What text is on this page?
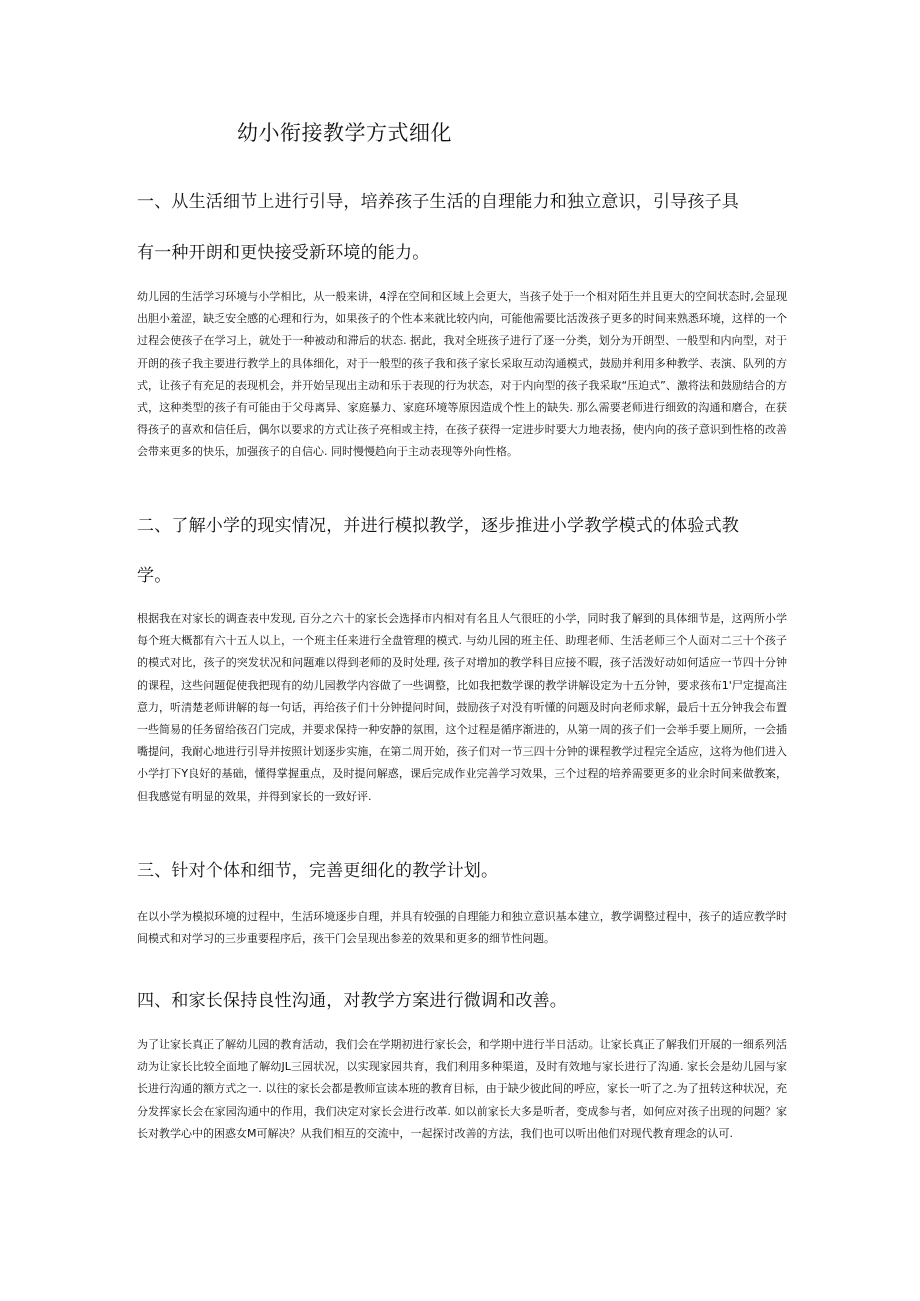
幼小衔接教学方式细化
一、从生活细节上进行引导，培养孩子生活的自理能力和独立意识，引导孩子具
有一种开朗和更快接受新环境的能力。
幼儿园的生活学习环境与小学相比，从一般来讲，4浮在空间和区域上会更大，当孩子处于一个相对陌生并且更大的空间状态时,会显现出胆小羞涩，缺乏安全感的心理和行为，如果孩子的个性本来就比较内向，可能他需要比活泼孩子更多的时间来熟悉环境，这样的一个过程会使孩子在学习上，就处于一种被动和滞后的状态. 据此，我对全班孩子进行了逐一分类，划分为开朗型、一般型和内向型，对于开朗的孩子我主要进行教学上的具体细化，对于一般型的孩子我和孩子家长采取互动沟通模式，鼓励并利用多种教学、表演、队列的方式，让孩子有充足的表现机会，并开始呈现出主动和乐于表现的行为状态，对于内向型的孩子我采取“压迫式”、激将法和鼓励结合的方式，这种类型的孩子有可能由于父母离异、家庭暴力、家庭环境等原因造成个性上的缺失. 那么需要老师进行细致的沟通和磨合，在获得孩子的喜欢和信任后，偶尔以要求的方式让孩子亮相或主持，在孩子获得一定进步时要大力地表扬，使内向的孩子意识到性格的改善会带来更多的快乐，加强孩子的自信心. 同时慢慢趋向于主动表现等外向性格。
二、了解小学的现实情况，并进行模拟教学，逐步推进小学教学模式的体验式教
学。
根据我在对家长的调查表中发现, 百分之六十的家长会选择市内相对有名且人气很旺的小学，同时我了解到的具体细节是，这两所小学每个班大概都有六十五人以上，一个班主任来进行全盘管理的模式. 与幼儿园的班主任、助理老师、生活老师三个人面对二三十个孩子的模式对比，孩子的突发状况和问题难以得到老师的及时处理, 孩子对增加的教学科目应接不暇，孩子活泼好动如何适应一节四十分钟的课程，这些问题促使我把现有的幼儿园教学内容做了一些调整，比如我把数学课的教学讲解设定为十五分钟，要求孩布1'尸定提高注意力，听清楚老师讲解的每一句话，再给孩子们十分钟提问时间，鼓励孩子对没有听懂的问题及时向老师求解，最后十五分钟我会布置一些简易的任务留给孩召门完成，并要求保持一种安静的氛围，这个过程是循序渐进的，从第一周的孩子们一会举手要上厕所，一会插嘴提问，我耐心地进行引导并按照计划逐步实施，在第二周开始，孩子们对一节三四十分钟的课程教学过程完全适应，这将为他们进入小学打下Y良好的基础，懂得掌握重点，及时提问解惑，课后完成作业完善学习效果，三个过程的培养需要更多的业余时间来做教案，但我感觉有明显的效果，并得到家长的一致好评.
三、针对个体和细节，完善更细化的教学计划。
在以小学为模拟环境的过程中，生活环境逐步自理，并具有较强的自理能力和独立意识基本建立，教学调整过程中，孩子的适应教学时间模式和对学习的三步重要程序后，孩干门会呈现出参差的效果和更多的细节性问题。
四、和家长保持良性沟通，对教学方案进行微调和改善。
为了让家长真正了解幼儿园的教育活动，我们会在学期初进行家长会，和学期中进行半日活动。让家长真正了解我们开展的一细系列活动为让家长比较全面地了解幼JL三园状况，以实现家园共育，我们利用多种渠道，及时有效地与家长进行了沟通. 家长会是幼儿园与家长进行沟通的额方式之一. 以往的家长会都是教师宣读本班的教育目标，由于缺少彼此间的呼应，家长一听了之.为了扭转这种状况，充分发挥家长会在家园沟通中的作用，我们决定对家长会进行改革. 如以前家长大多是听者，变成参与者，如何应对孩子出现的问题？家长对教学心中的困惑女M可解决？从我们相互的交流中，一起探讨改善的方法，我们也可以听出他们对现代教育理念的认可.
